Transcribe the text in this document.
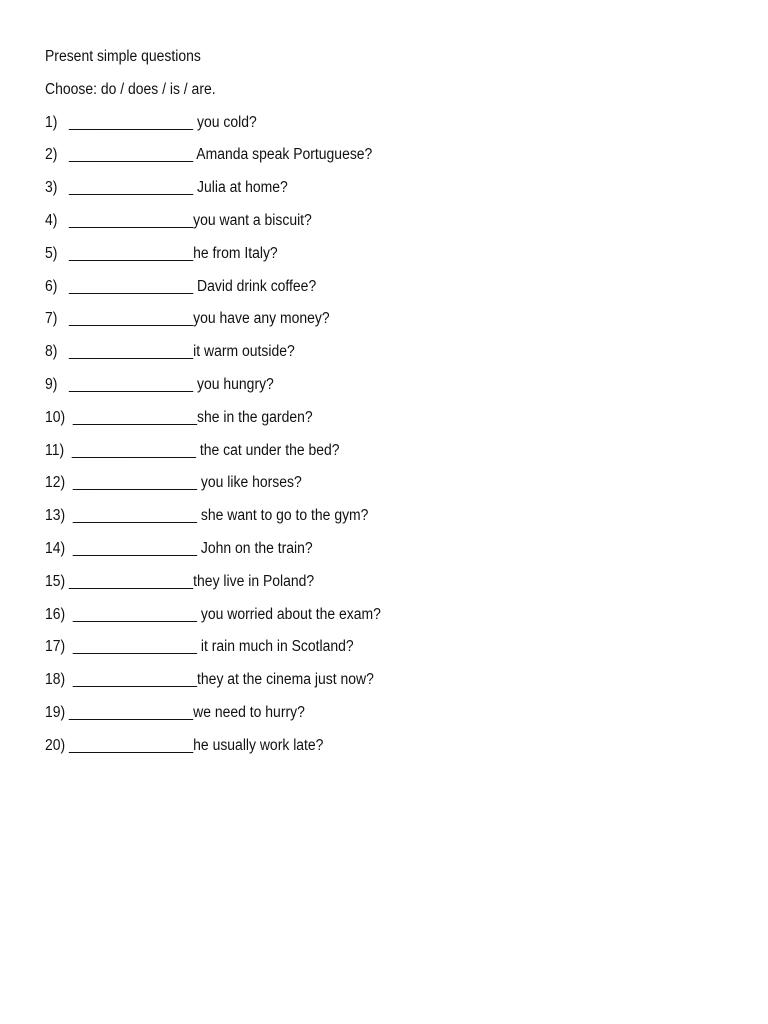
Present simple questions
Choose: do / does / is / are.
1)   ________________ you cold?
2)   ________________ Amanda speak Portuguese?
3)   ________________ Julia at home?
4)   ________________you want a biscuit?
5)   ________________he from Italy?
6)   ________________ David drink coffee?
7)   ________________you have any money?
8)   ________________it warm outside?
9)   ________________ you hungry?
10)  ________________she in the garden?
11)  ________________ the cat under the bed?
12)  ________________ you like horses?
13)  ________________ she want to go to the gym?
14)  ________________ John on the train?
15) ________________they live in Poland?
16)  ________________ you worried about the exam?
17)  ________________ it rain much in Scotland?
18)  ________________they at the cinema just now?
19) ________________we need to hurry?
20) ________________he usually work late?
